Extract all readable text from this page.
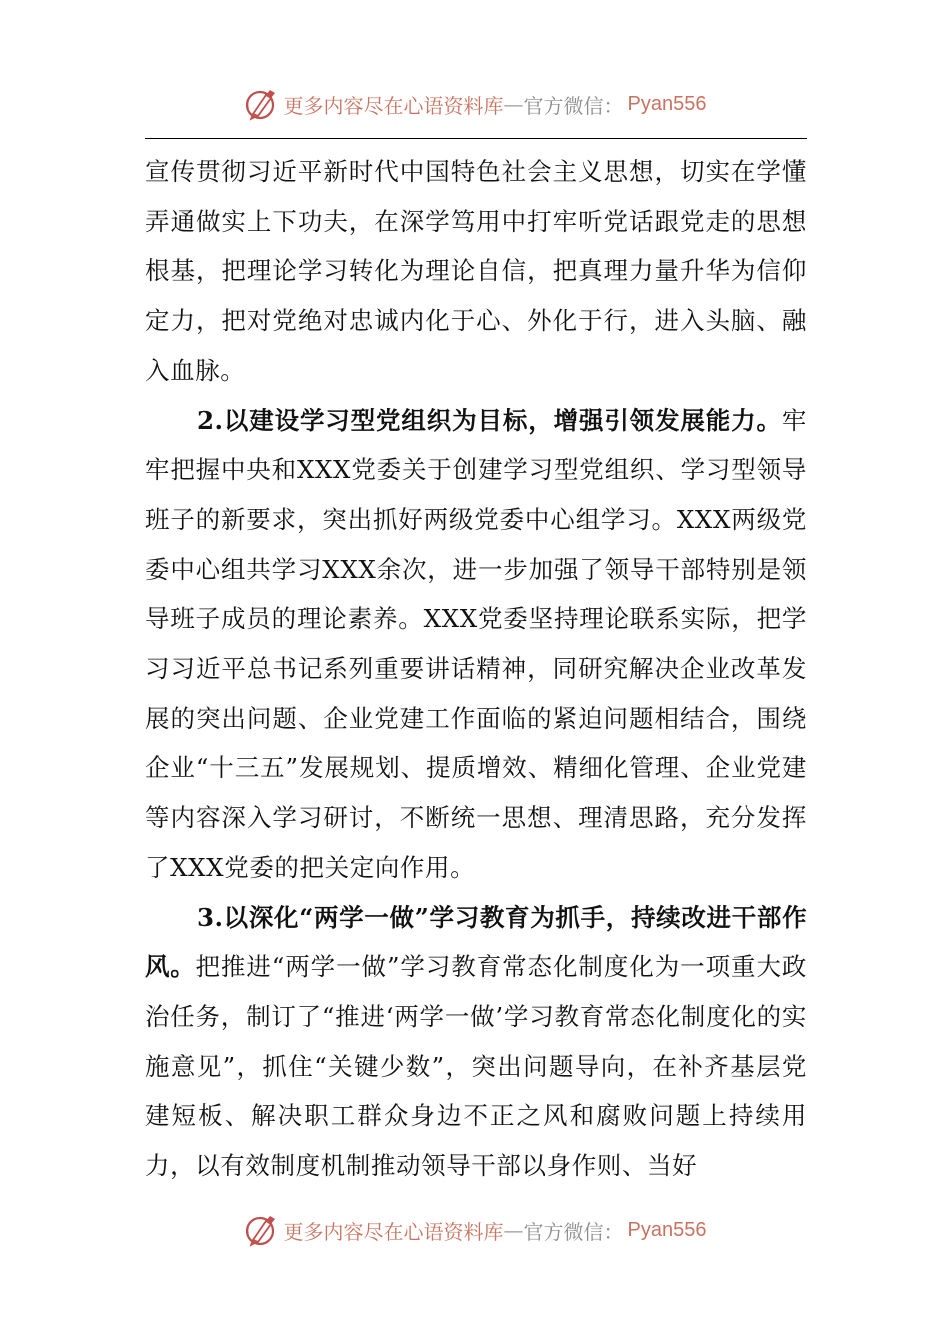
更多内容尽在心语资料库 — 官方微信： Pyan556

宣传贯彻习近平新时代中国特色社会主义思想，切实在学懂弄通做实上下功夫，在深学笃用中打牢听党话跟党走的思想根基，把理论学习转化为理论自信，把真理力量升华为信仰定力，把对党绝对忠诚内化于心、外化于行，进入头脑、融入血脉。

2.以建设学习型党组织为目标，增强引领发展能力。牢牢把握中央和XXX党委关于创建学习型党组织、学习型领导班子的新要求，突出抓好两级党委中心组学习。XXX两级党委中心组共学习XXX余次，进一步加强了领导干部特别是领导班子成员的理论素养。XXX党委坚持理论联系实际，把学习习近平总书记系列重要讲话精神，同研究解决企业改革发展的突出问题、企业党建工作面临的紧迫问题相结合，围绕企业“十三五”发展规划、提质增效、精细化管理、企业党建等内容深入学习研讨，不断统一思想、理清思路，充分发挥了XXX党委的把关定向作用。

3.以深化“两学一做”学习教育为抓手，持续改进干部作风。把推进“两学一做”学习教育常态化制度化为一项重大政治任务，制订了“推进‘两学一做’学习教育常态化制度化的实施意见”，抓住“关键少数”，突出问题导向，在补齐基层党建短板、解决职工群众身边不正之风和腐败问题上持续用力，以有效制度机制推动领导干部以身作则、当好

更多内容尽在心语资料库 — 官方微信： Pyan556
